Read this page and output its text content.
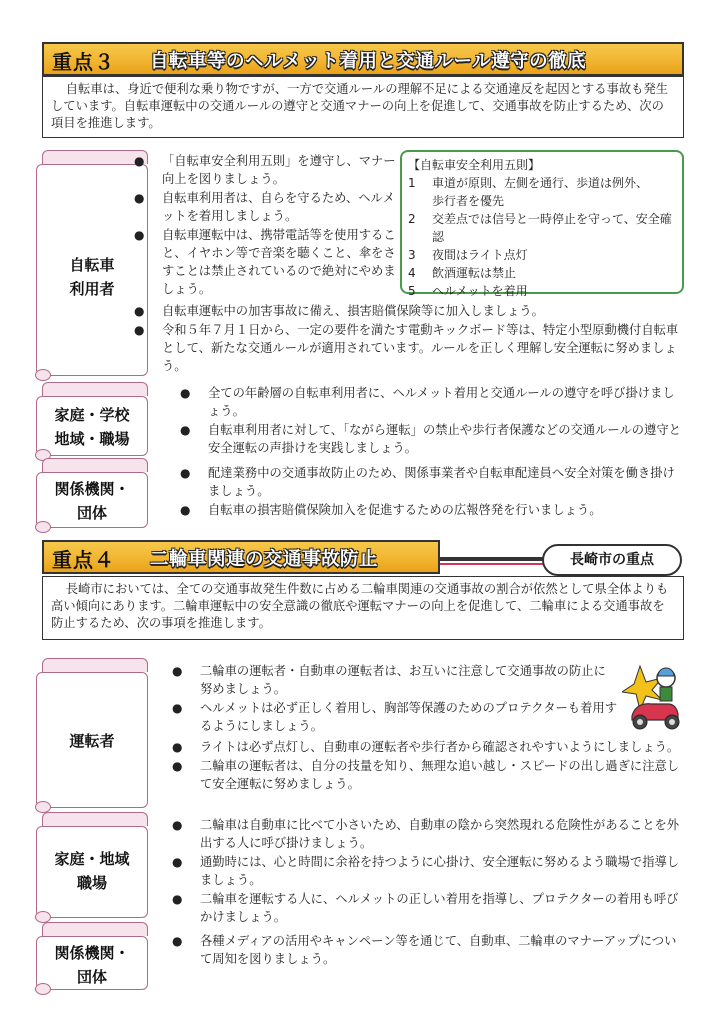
重点３ 自転車等のヘルメット着用と交通ルール遵守の徹底
自転車は、身近で便利な乗り物ですが、一方で交通ルールの理解不足による交通違反を起因とする事故も発生しています。自転車運転中の交通ルールの遵守と交通マナーの向上を促進して、交通事故を防止するため、次の項目を推進します。
自転車
利用者
● 「自転車安全利用五則」を遵守し、マナー向上を図りましょう。
● 自転車利用者は、自らを守るため、ヘルメットを着用しましょう。
● 自転車運転中は、携帯電話等を使用すること、イヤホン等で音楽を聴くこと、傘をさすことは禁止されているので絶対にやめましょう。
● 自転車運転中の加害事故に備え、損害賠償保険等に加入しましょう。
● 令和５年７月１日から、一定の要件を満たす電動キックボード等は、特定小型原動機付自転車として、新たな交通ルールが適用されています。ルールを正しく理解し安全運転に努めましょう。
【自転車安全利用五則】
1 車道が原則、左側を通行、歩道は例外、
歩行者を優先
2 交差点では信号と一時停止を守って、安全確認
3 夜間はライト点灯
4 飲酒運転は禁止
5 ヘルメットを着用
家庭・学校
地域・職場
● 全ての年齢層の自転車利用者に、ヘルメット着用と交通ルールの遵守を呼び掛けましょう。
● 自転車利用者に対して、「ながら運転」の禁止や歩行者保護などの交通ルールの遵守と安全運転の声掛けを実践しましょう。
関係機関・
団体
● 配達業務中の交通事故防止のため、関係事業者や自転車配達員へ安全対策を働き掛けましょう。
● 自転車の損害賠償保険加入を促進するための広報啓発を行いましょう。
重点４ 二輪車関連の交通事故防止	長崎市の重点
長崎市においては、全ての交通事故発生件数に占める二輪車関連の交通事故の割合が依然として県全体よりも高い傾向にあります。二輪車運転中の安全意識の徹底や運転マナーの向上を促進して、二輪車による交通事故を防止するため、次の事項を推進します。
運転者
● 二輪車の運転者・自動車の運転者は、お互いに注意して交通事故の防止に努めましょう。
● ヘルメットは必ず正しく着用し、胸部等保護のためのプロテクターも着用するようにしましょう。
● ライトは必ず点灯し、自動車の運転者や歩行者から確認されやすいようにしましょう。
● 二輪車の運転者は、自分の技量を知り、無理な追い越し・スピードの出し過ぎに注意して安全運転に努めましょう。
家庭・地域
職場
● 二輪車は自動車に比べて小さいため、自動車の陰から突然現れる危険性があることを外出する人に呼び掛けましょう。
● 通勤時には、心と時間に余裕を持つように心掛け、安全運転に努めるよう職場で指導しましょう。
● 二輪車を運転する人に、ヘルメットの正しい着用を指導し、プロテクターの着用も呼びかけましょう。
関係機関・
団体
● 各種メディアの活用やキャンペーン等を通じて、自動車、二輪車のマナーアップについて周知を図りましょう。
